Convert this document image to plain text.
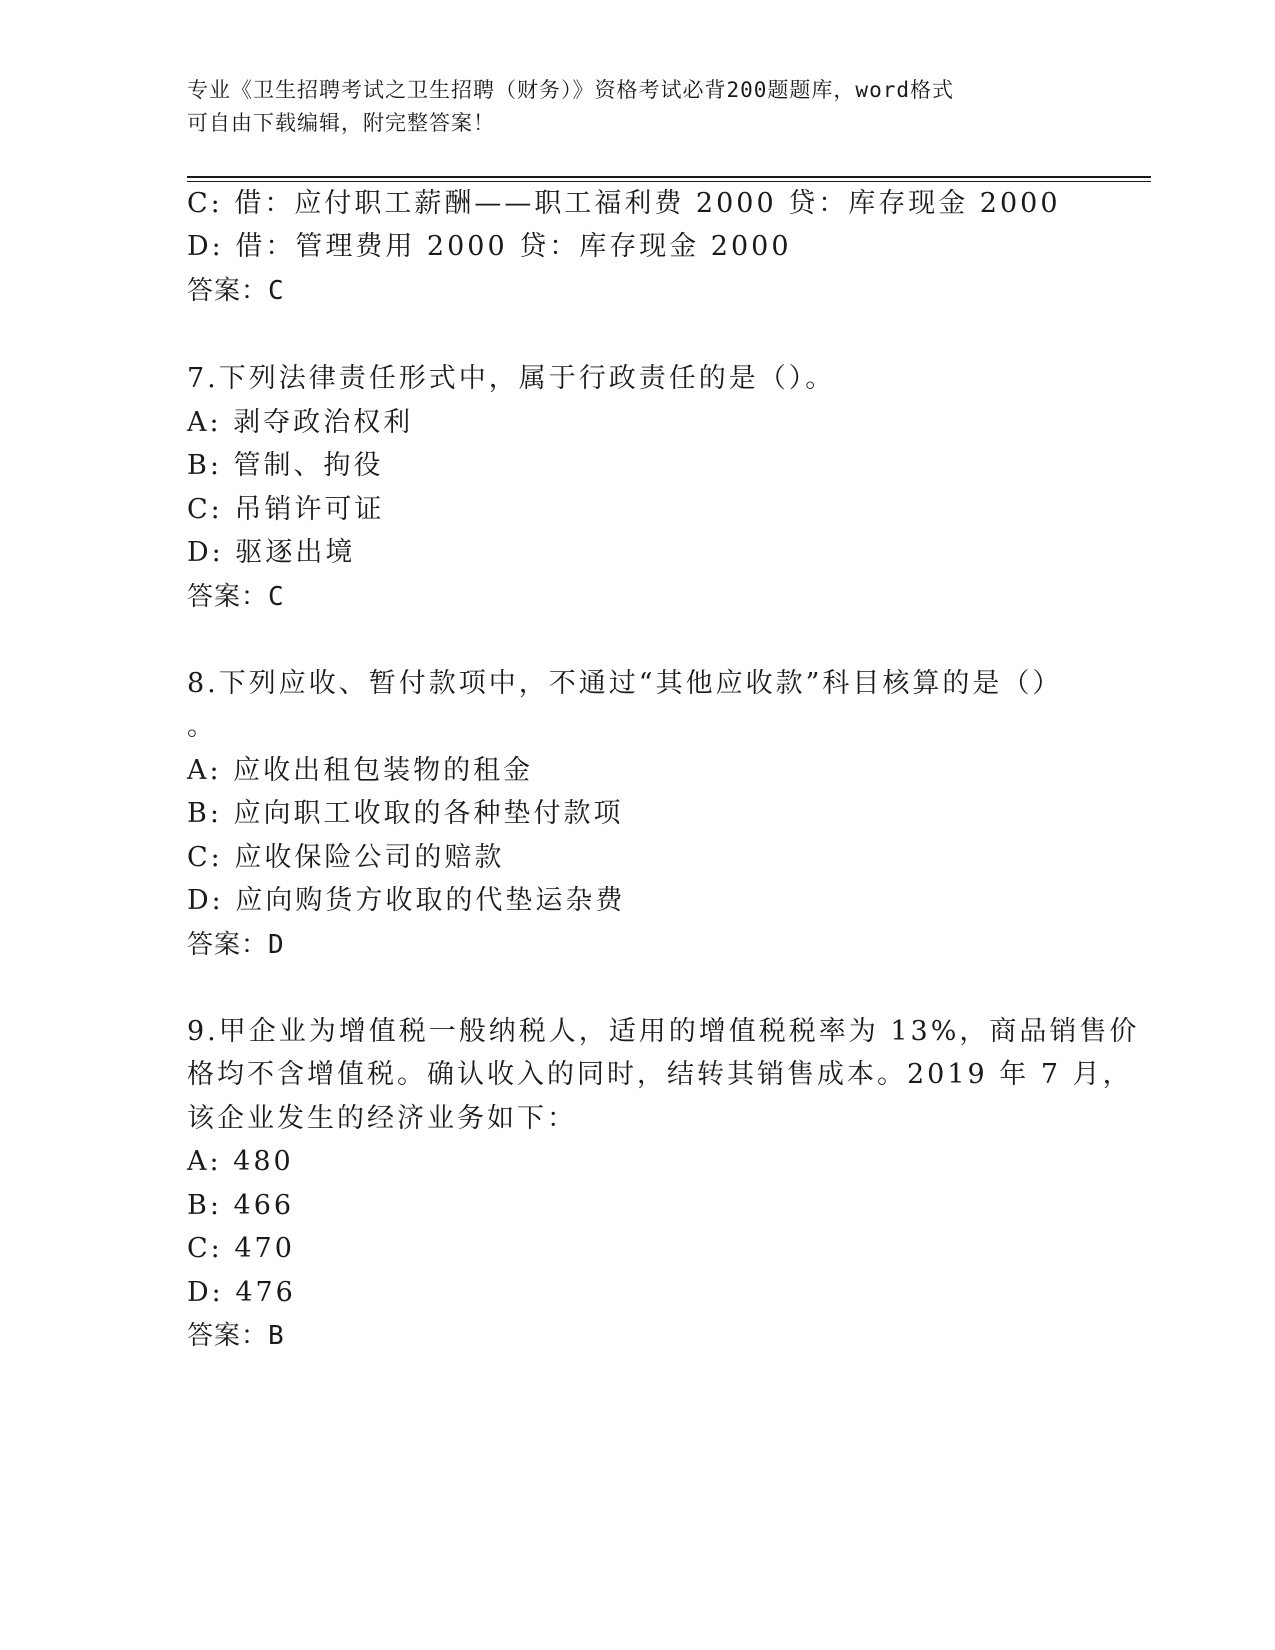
专业《卫生招聘考试之卫生招聘（财务）》资格考试必背200题题库，word格式
可自由下载编辑，附完整答案！
C: 借：应付职工薪酬——职工福利费 2000 贷：库存现金 2000
D: 借：管理费用 2000 贷：库存现金 2000
答案：C
7.下列法律责任形式中，属于行政责任的是（）。
A: 剥夺政治权利
B: 管制、拘役
C: 吊销许可证
D: 驱逐出境
答案：C
8.下列应收、暂付款项中，不通过“其他应收款”科目核算的是（）
。
A: 应收出租包装物的租金
B: 应向职工收取的各种垫付款项
C: 应收保险公司的赔款
D: 应向购货方收取的代垫运杂费
答案：D
9.甲企业为增值税一般纳税人，适用的增值税税率为 13%，商品销售价
格均不含增值税。确认收入的同时，结转其销售成本。2019 年 7 月，
该企业发生的经济业务如下：
A: 480
B: 466
C: 470
D: 476
答案：B
